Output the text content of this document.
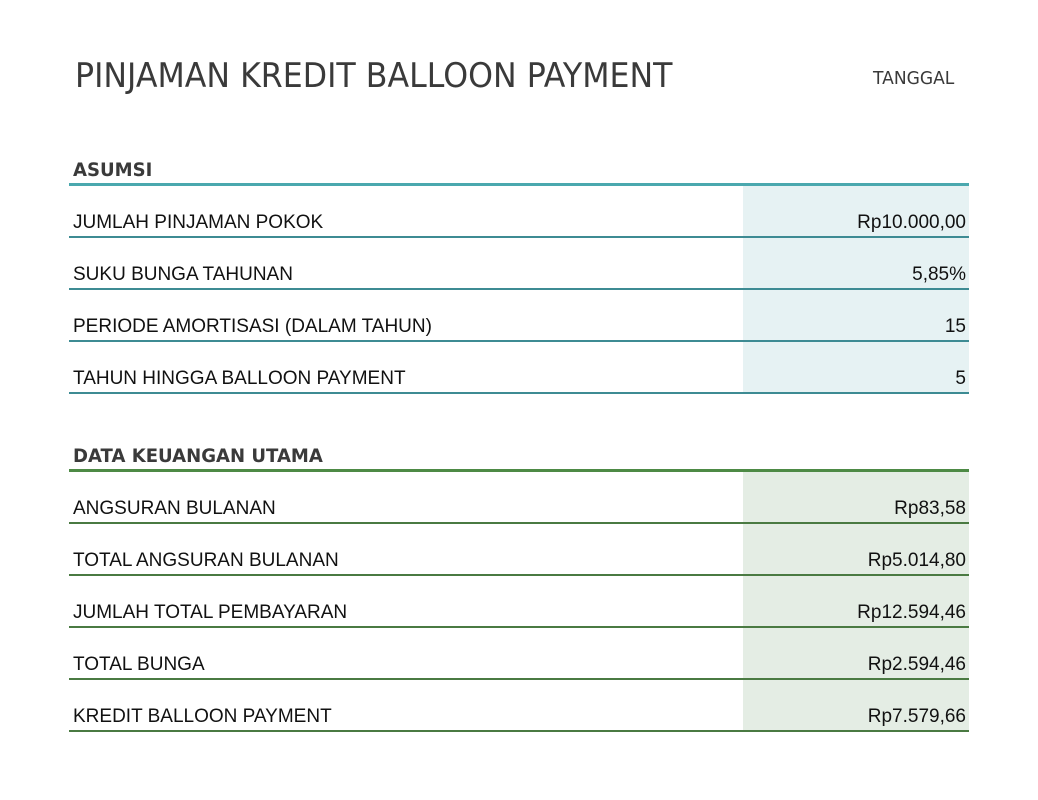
PINJAMAN KREDIT BALLOON PAYMENT	TANGGAL
ASUMSI
JUMLAH PINJAMAN POKOK	Rp10.000,00
SUKU BUNGA TAHUNAN	5,85%
PERIODE AMORTISASI (DALAM TAHUN)	15
TAHUN HINGGA BALLOON PAYMENT	5
DATA KEUANGAN UTAMA
ANGSURAN BULANAN	Rp83,58
TOTAL ANGSURAN BULANAN	Rp5.014,80
JUMLAH TOTAL PEMBAYARAN	Rp12.594,46
TOTAL BUNGA	Rp2.594,46
KREDIT BALLOON PAYMENT	Rp7.579,66
